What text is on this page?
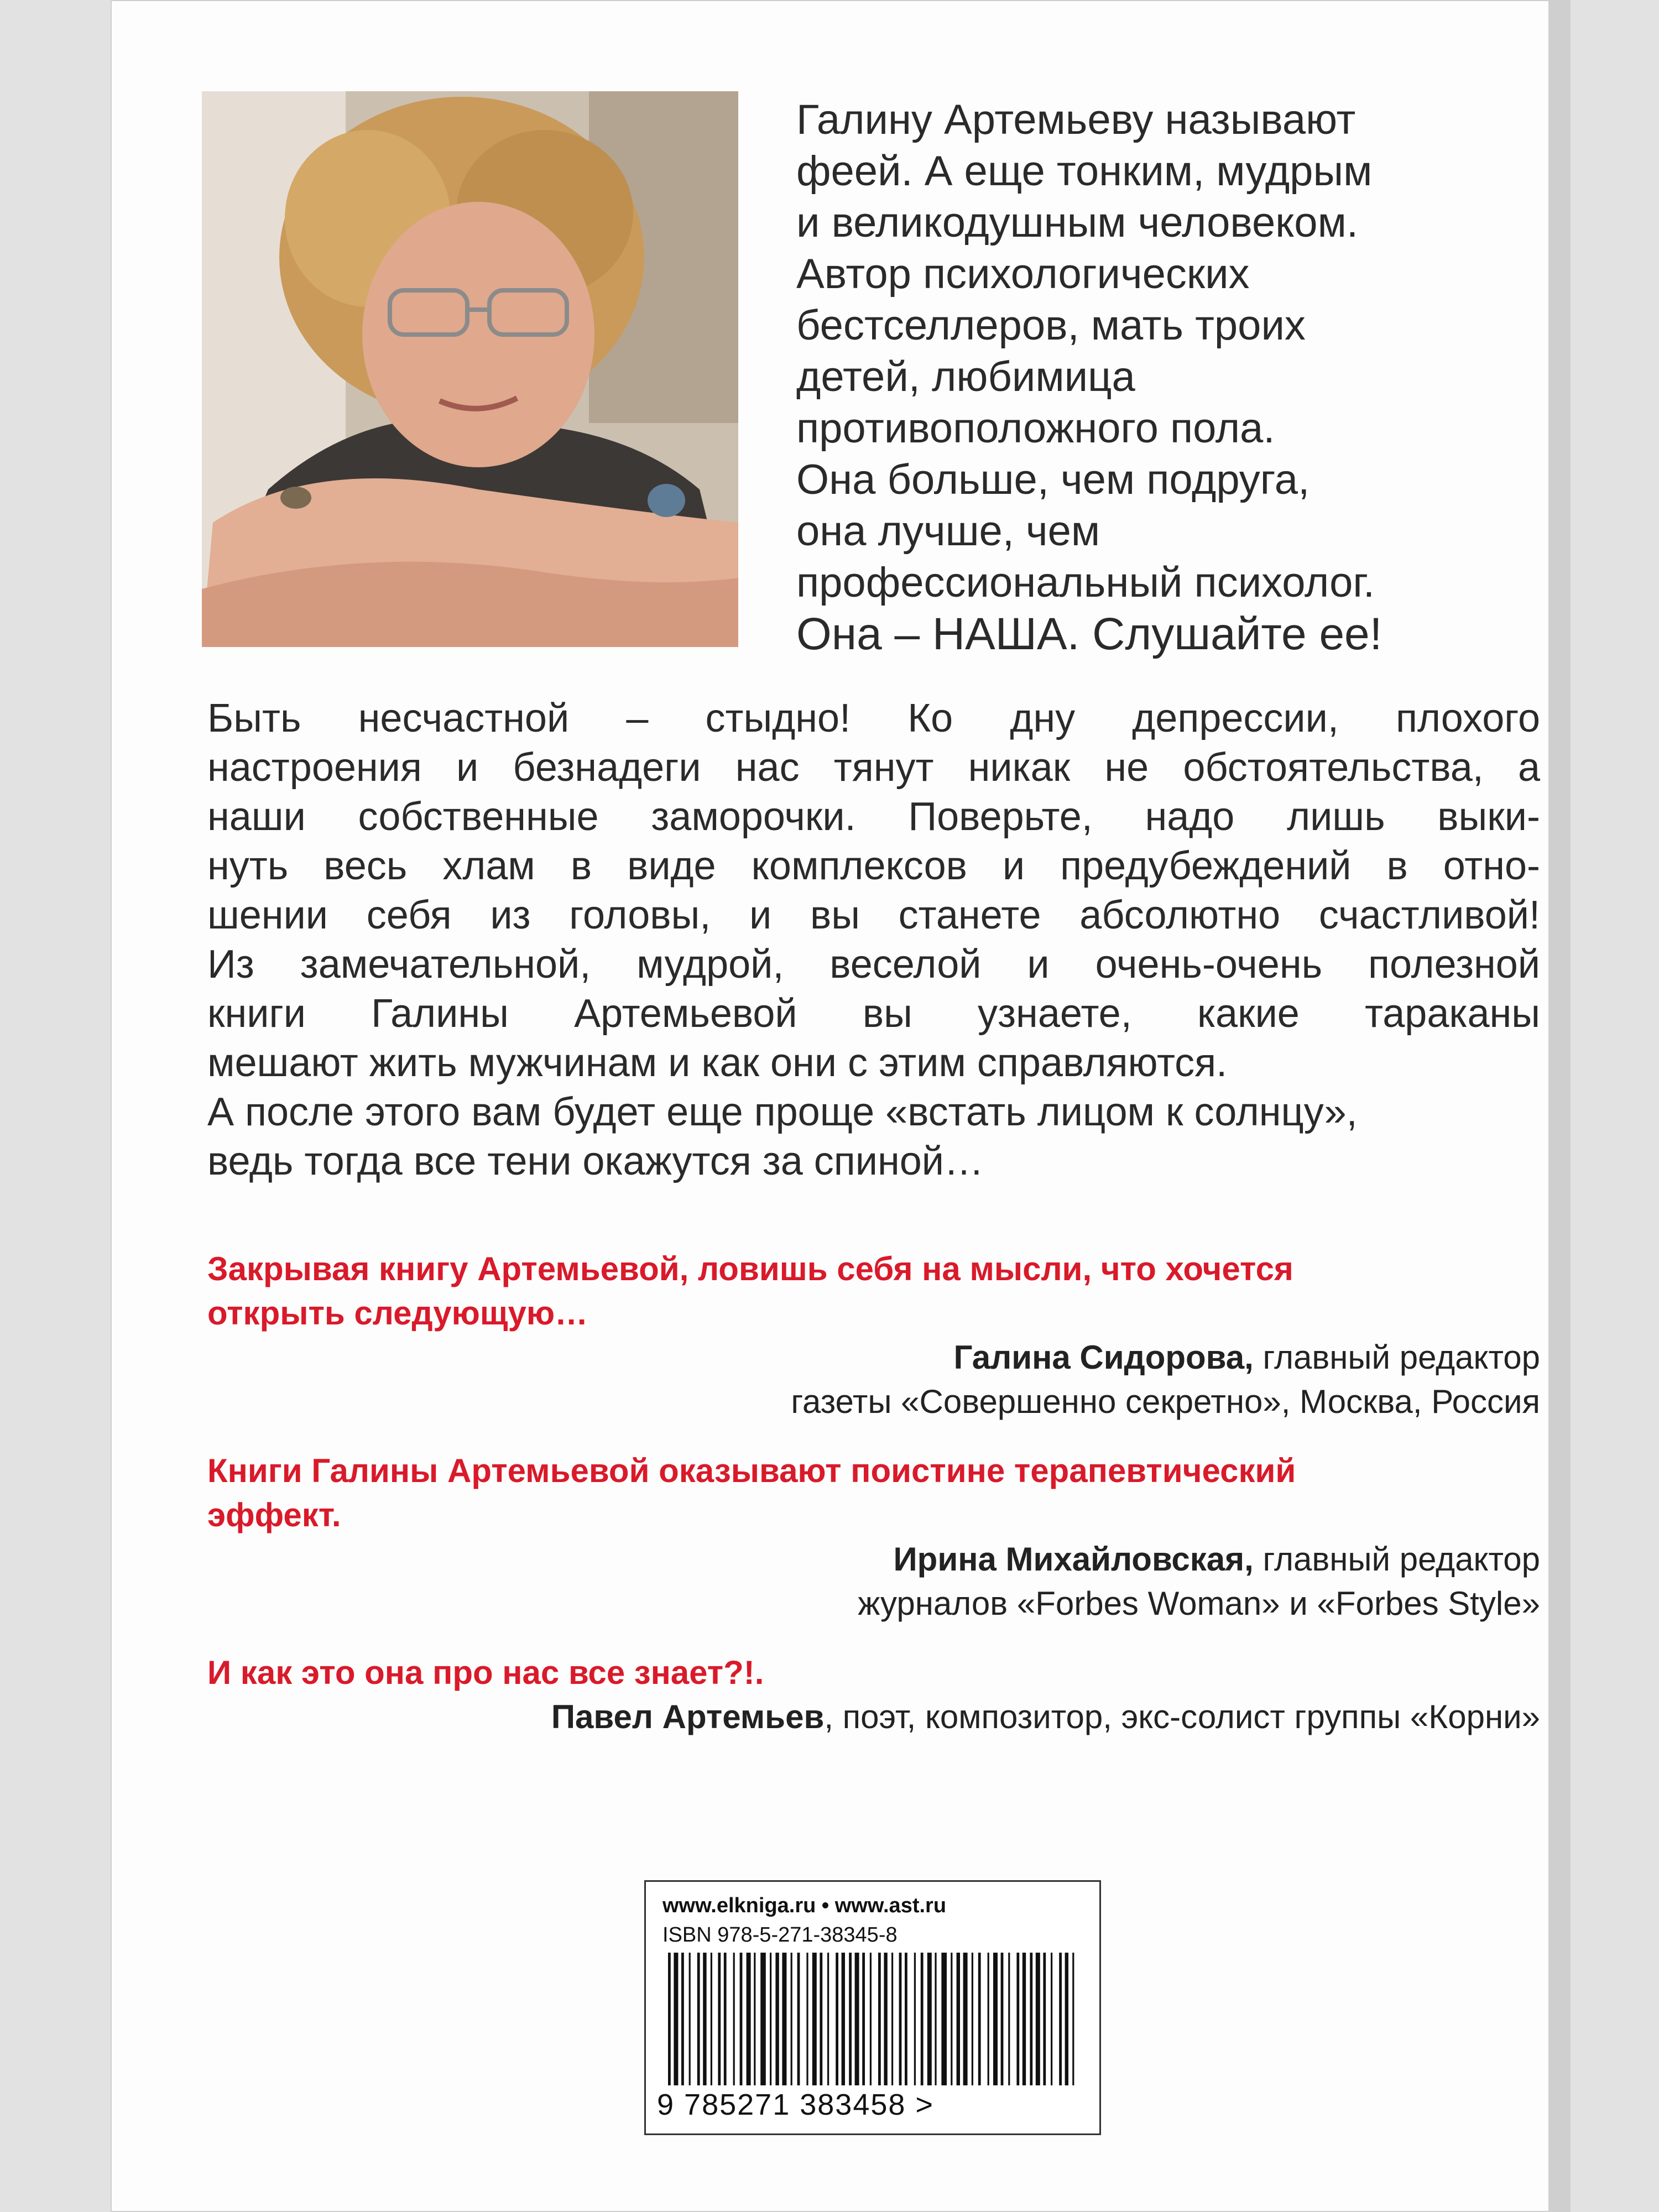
Галину Артемьеву называют
феей. А еще тонким, мудрым
и великодушным человеком.
Автор психологических
бестселлеров, мать троих
детей, любимица
противоположного пола.
Она больше, чем подруга,
она лучше, чем
профессиональный психолог.
Она – НАША. Слушайте ее!
Быть несчастной – стыдно! Ко дну депрессии, плохого
настроения и безнадеги нас тянут никак не обстоятельства, а
наши собственные заморочки. Поверьте, надо лишь выки-
нуть весь хлам в виде комплексов и предубеждений в отно-
шении себя из головы, и вы станете абсолютно счастливой!
Из замечательной, мудрой, веселой и очень-очень полезной
книги Галины Артемьевой вы узнаете, какие тараканы
мешают жить мужчинам и как они с этим справляются.
А после этого вам будет еще проще «встать лицом к солнцу»,
ведь тогда все тени окажутся за спиной…
Закрывая книгу Артемьевой, ловишь себя на мысли, что хочется
открыть следующую…
Галина Сидорова, главный редактор
газеты «Совершенно секретно», Москва, Россия
Книги Галины Артемьевой оказывают поистине терапевтический
эффект.
Ирина Михайловская, главный редактор
журналов «Forbes Woman» и «Forbes Style»
И как это она про нас все знает?!.
Павел Артемьев, поэт, композитор, экс-солист группы «Корни»
www.elkniga.ru • www.ast.ru
ISBN 978-5-271-38345-8
9 785271 383458 >
